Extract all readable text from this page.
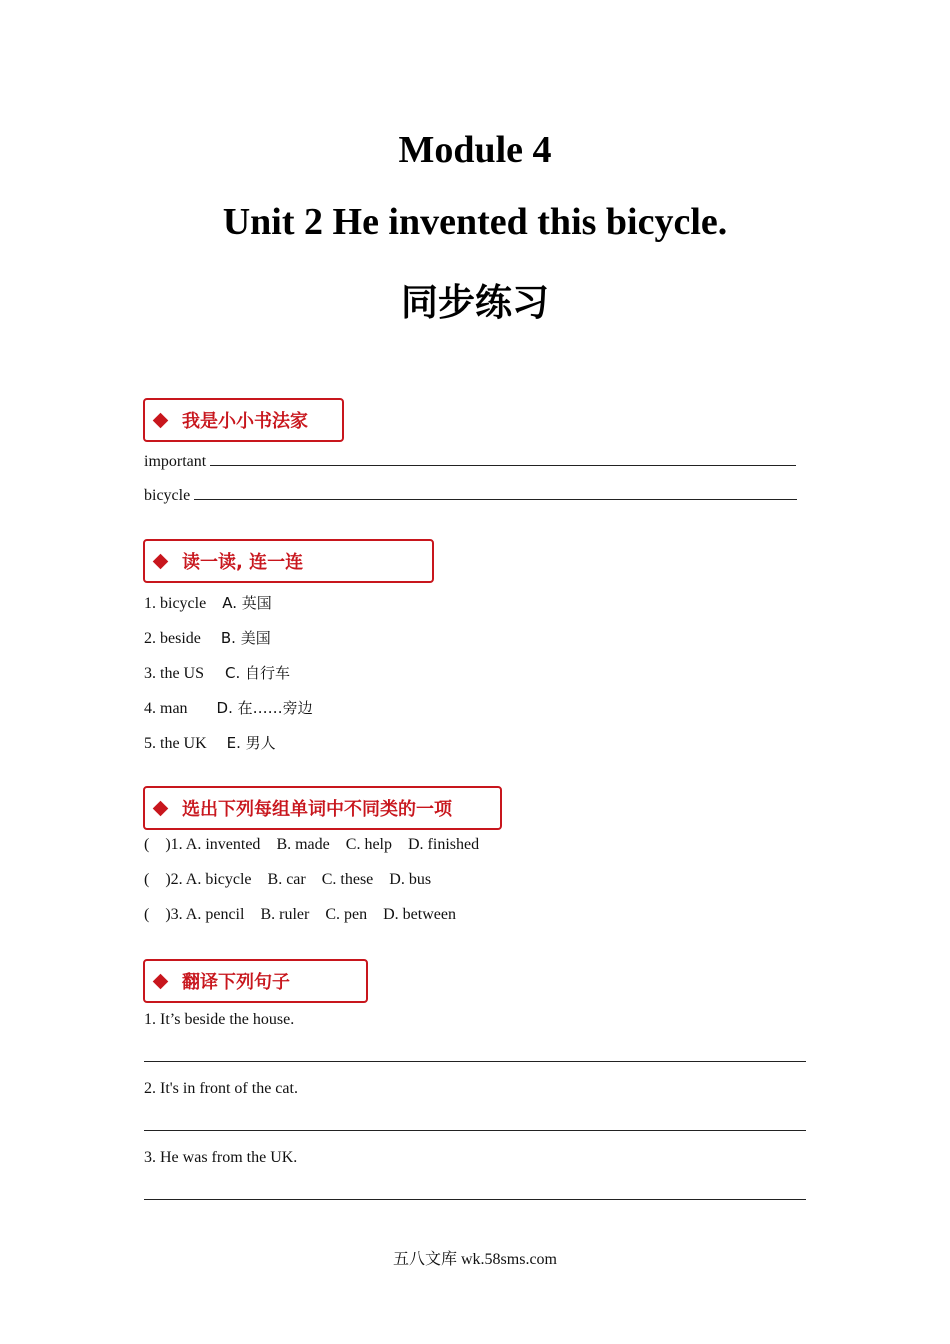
Module 4
Unit 2 He invented this bicycle.
同步练习
我是小小书法家
important
bicycle
读一读, 连一连
1. bicycle A. 英国
2. beside B. 美国
3. the US C. 自行车
4. man D. 在……旁边
5. the UK E. 男人
选出下列每组单词中不同类的一项
(    )1. A. invented B. made C. help D. finished
(    )2. A. bicycle B. car C. these D. bus
(    )3. A. pencil B. ruler C. pen D. between
翻译下列句子
1. It’s beside the house.
2. It's in front of the cat.
3. He was from the UK.
五八文库 wk.58sms.com
